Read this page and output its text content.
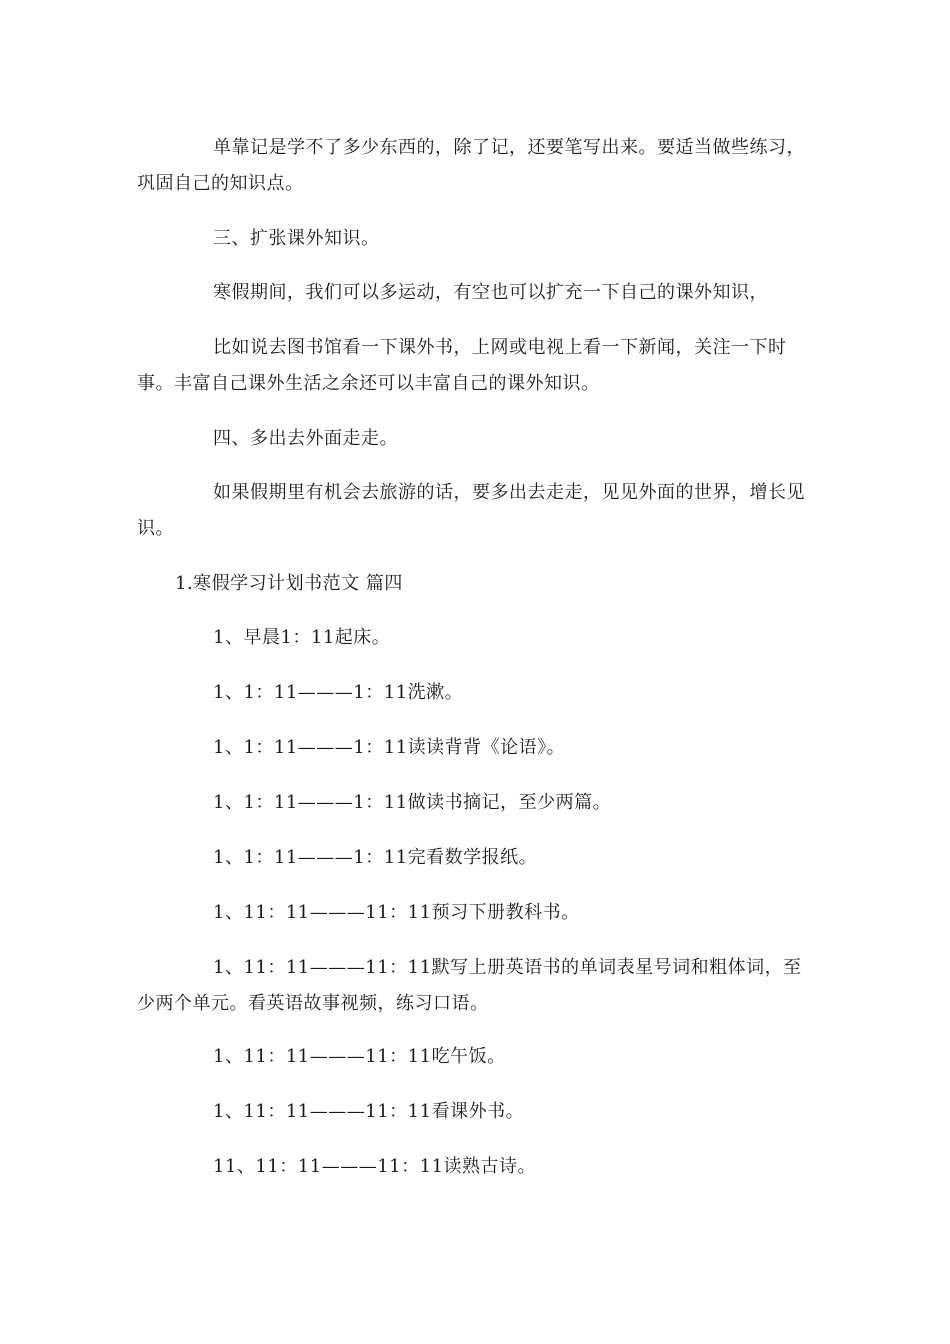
单靠记是学不了多少东西的，除了记，还要笔写出来。要适当做些练习，巩固自己的知识点。

三、扩张课外知识。

寒假期间，我们可以多运动，有空也可以扩充一下自己的课外知识，

比如说去图书馆看一下课外书，上网或电视上看一下新闻，关注一下时事。丰富自己课外生活之余还可以丰富自己的课外知识。

四、多出去外面走走。

如果假期里有机会去旅游的话，要多出去走走，见见外面的世界，增长见识。

1.寒假学习计划书范文 篇四

1、早晨1：11起床。

1、1：11———1：11洗漱。

1、1：11———1：11读读背背《论语》。

1、1：11———1：11做读书摘记，至少两篇。

1、1：11———1：11完看数学报纸。

1、11：11———11：11预习下册教科书。

1、11：11———11：11默写上册英语书的单词表星号词和粗体词，至少两个单元。看英语故事视频，练习口语。

1、11：11———11：11吃午饭。

1、11：11———11：11看课外书。

11、11：11———11：11读熟古诗。
